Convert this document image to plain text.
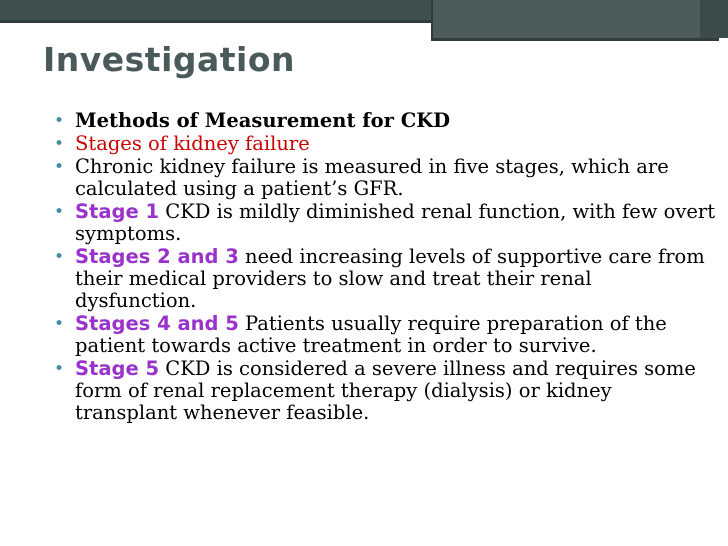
Investigation
• Methods of Measurement for CKD
• Stages of kidney failure
• Chronic kidney failure is measured in five stages, which are calculated using a patient’s GFR.
• Stage 1 CKD is mildly diminished renal function, with few overt symptoms.
• Stages 2 and 3 need increasing levels of supportive care from their medical providers to slow and treat their renal dysfunction.
• Stages 4 and 5 Patients usually require preparation of the patient towards active treatment in order to survive.
• Stage 5 CKD is considered a severe illness and requires some form of renal replacement therapy (dialysis) or kidney transplant whenever feasible.
